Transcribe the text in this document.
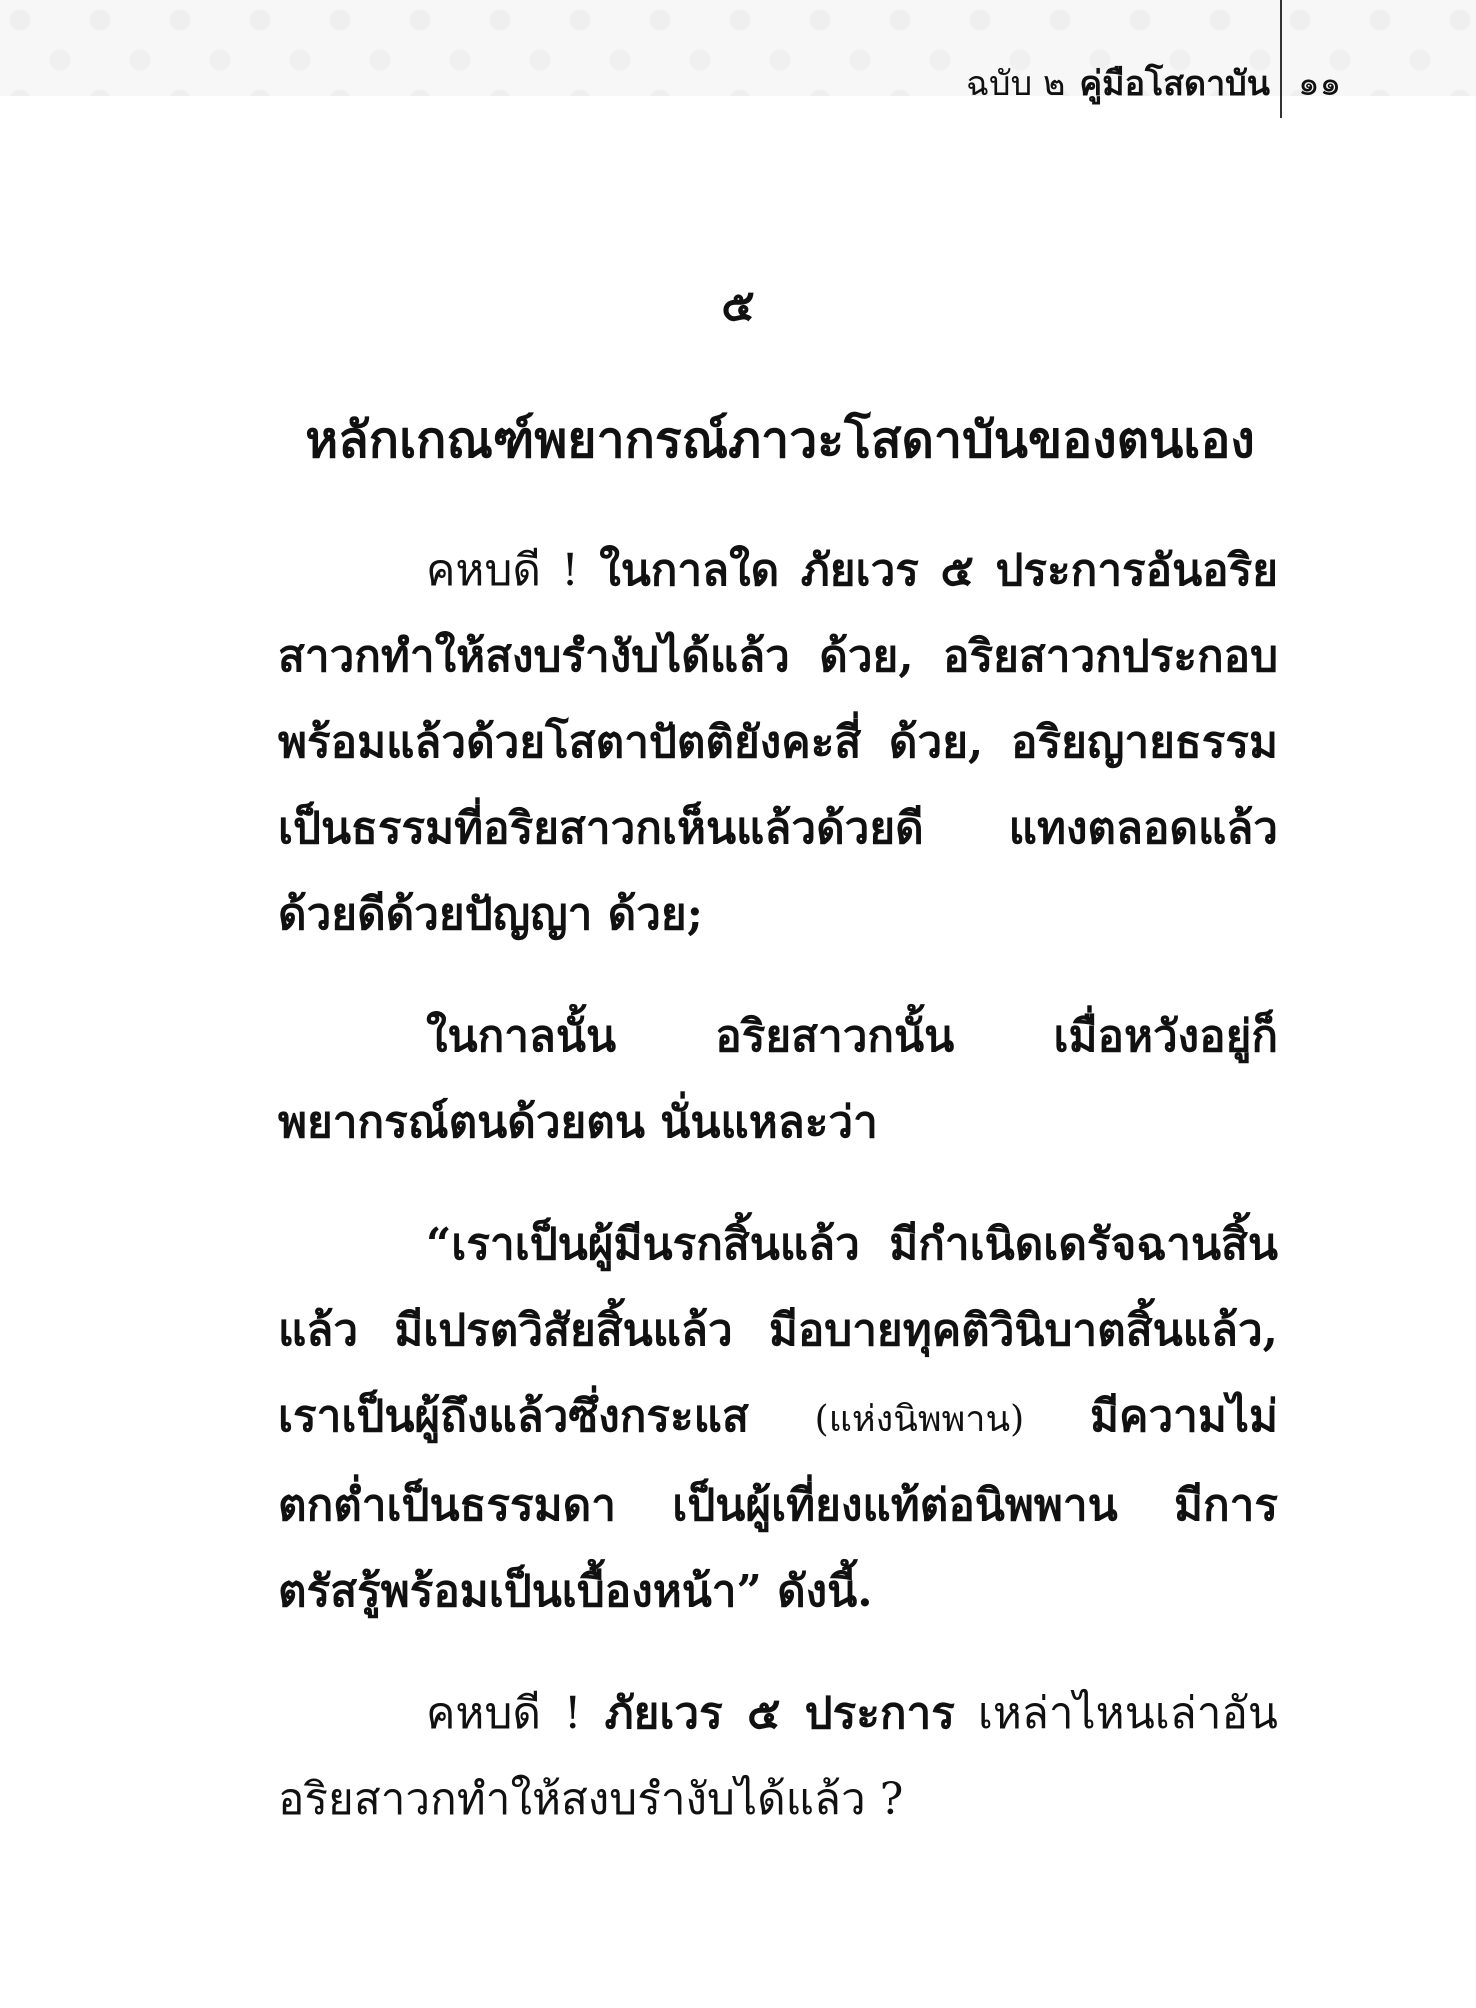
ฉบับ ๒ คู่มือโสดาบัน ๑๑
๕
หลักเกณฑ์พยากรณ์ภาวะโสดาบันของตนเอง

คหบดี ! ในกาลใด ภัยเวร ๕ ประการอันอริยสาวกทำให้สงบรำงับได้แล้ว ด้วย, อริยสาวกประกอบพร้อมแล้วด้วยโสตาปัตติยังคะสี่ ด้วย, อริยญายธรรมเป็นธรรมที่อริยสาวกเห็นแล้วด้วยดี แทงตลอดแล้วด้วยดีด้วยปัญญา ด้วย;

ในกาลนั้น อริยสาวกนั้น เมื่อหวังอยู่ก็พยากรณ์ตนด้วยตน นั่นแหละว่า

“เราเป็นผู้มีนรกสิ้นแล้ว มีกำเนิดเดรัจฉานสิ้นแล้ว มีเปรตวิสัยสิ้นแล้ว มีอบายทุคติวินิบาตสิ้นแล้ว, เราเป็นผู้ถึงแล้วซึ่งกระแส (แห่งนิพพาน) มีความไม่ตกต่ำเป็นธรรมดา เป็นผู้เที่ยงแท้ต่อนิพพาน มีการตรัสรู้พร้อมเป็นเบื้องหน้า” ดังนี้.

คหบดี ! ภัยเวร ๕ ประการ เหล่าไหนเล่าอันอริยสาวกทำให้สงบรำงับได้แล้ว ?
